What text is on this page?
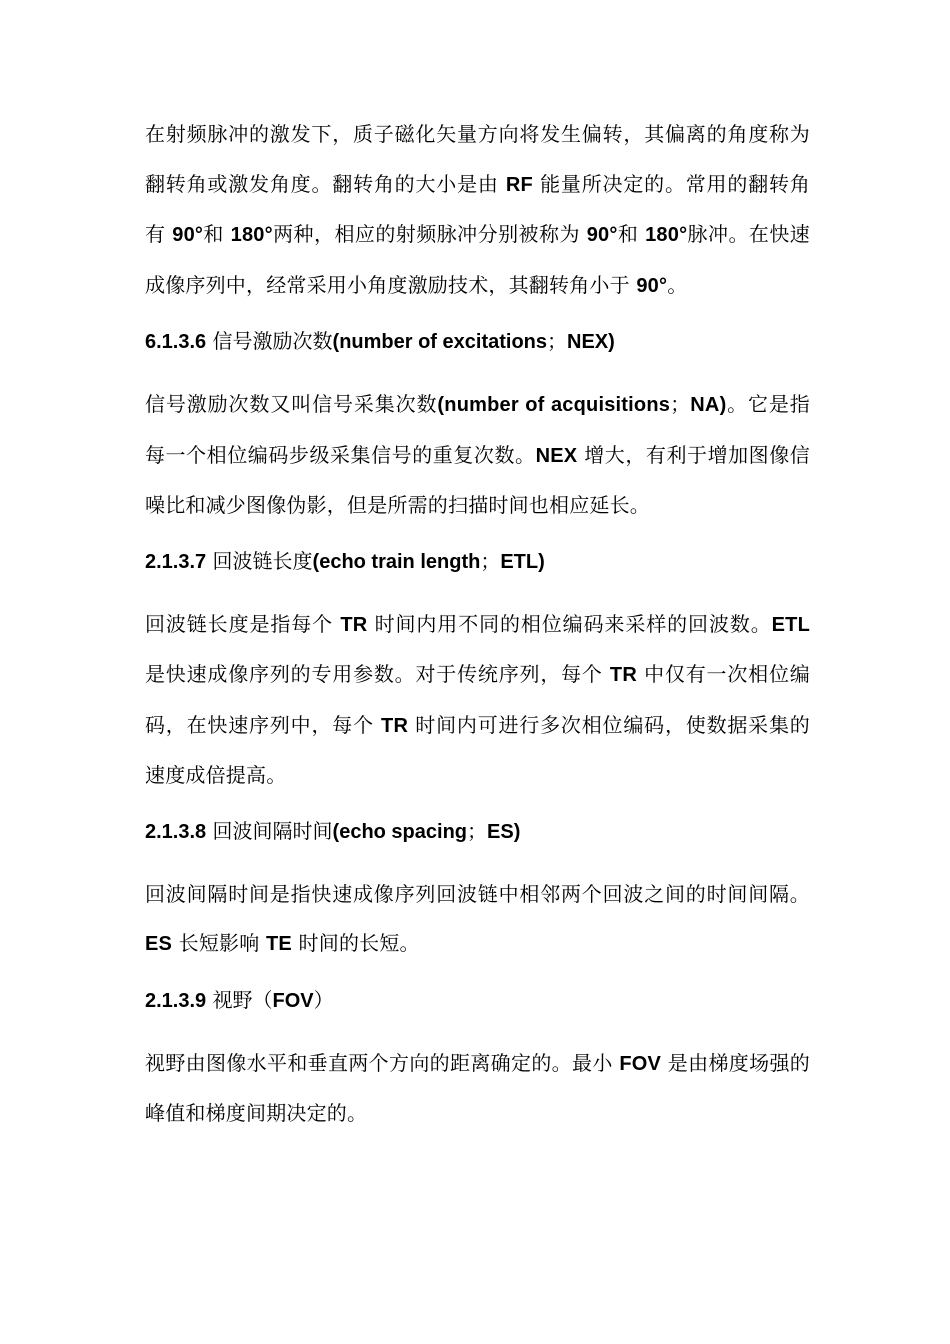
在射频脉冲的激发下，质子磁化矢量方向将发生偏转，其偏离的角度称为翻转角或激发角度。翻转角的大小是由 RF 能量所决定的。常用的翻转角有 90°和 180°两种，相应的射频脉冲分别被称为 90°和 180°脉冲。在快速成像序列中，经常采用小角度激励技术，其翻转角小于 90°。

6.1.3.6 信号激励次数(number of excitations；NEX)

信号激励次数又叫信号采集次数(number of acquisitions；NA)。它是指每一个相位编码步级采集信号的重复次数。NEX 增大，有利于增加图像信噪比和减少图像伪影，但是所需的扫描时间也相应延长。

2.1.3.7 回波链长度(echo train length；ETL)

回波链长度是指每个 TR 时间内用不同的相位编码来采样的回波数。ETL 是快速成像序列的专用参数。对于传统序列，每个 TR 中仅有一次相位编码，在快速序列中，每个 TR 时间内可进行多次相位编码，使数据采集的速度成倍提高。

2.1.3.8 回波间隔时间(echo spacing；ES)

回波间隔时间是指快速成像序列回波链中相邻两个回波之间的时间间隔。ES 长短影响 TE 时间的长短。

2.1.3.9 视野（FOV）

视野由图像水平和垂直两个方向的距离确定的。最小 FOV 是由梯度场强的峰值和梯度间期决定的。
